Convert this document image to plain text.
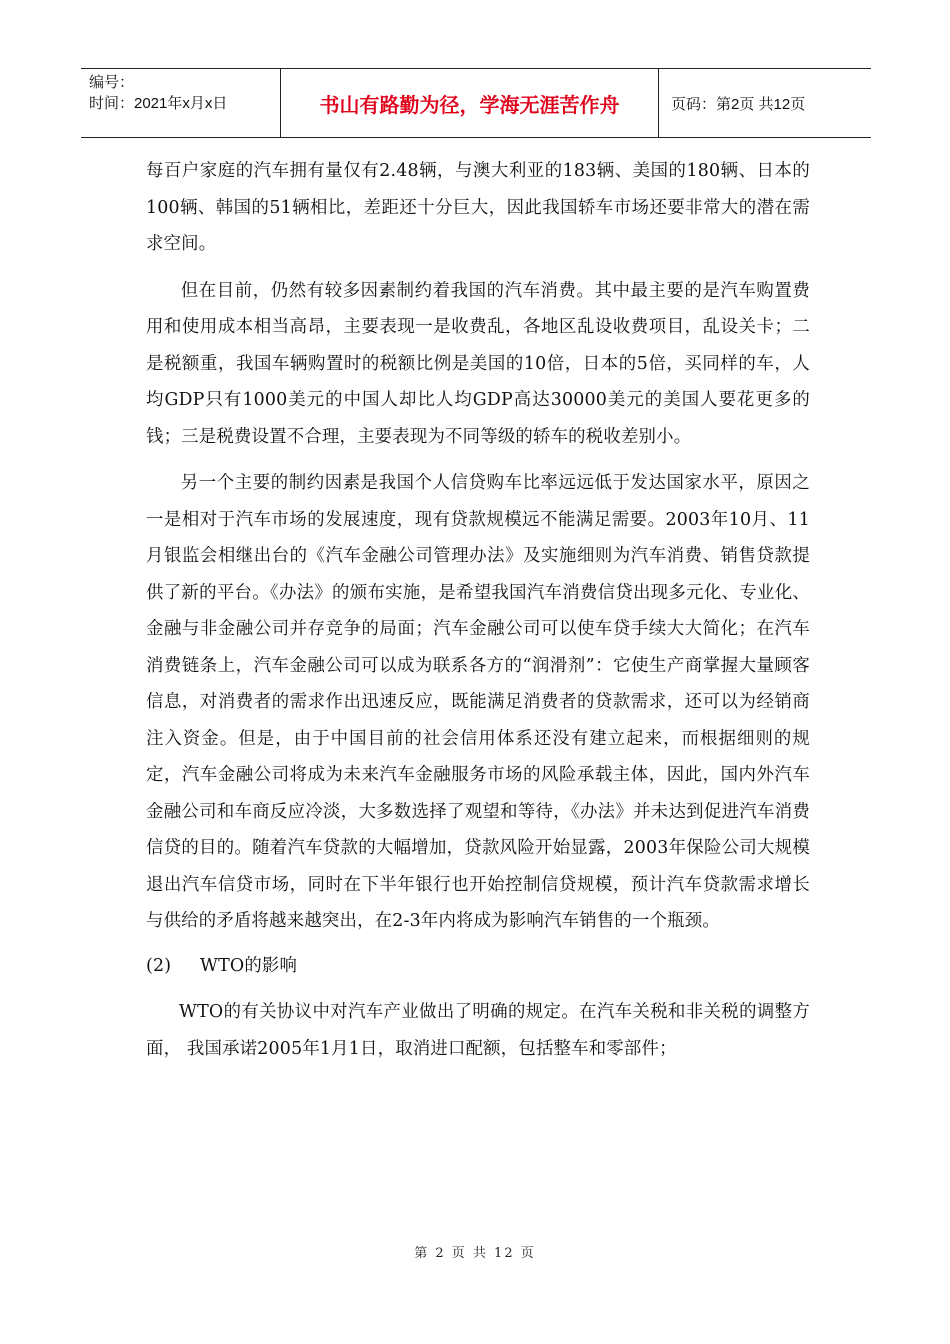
编号：
时间：2021年x月x日	书山有路勤为径，学海无涯苦作舟	页码：第2页 共12页

每百户家庭的汽车拥有量仅有2.48辆，与澳大利亚的183辆、美国的180辆、日本的100辆、韩国的51辆相比，差距还十分巨大，因此我国轿车市场还要非常大的潜在需求空间。

但在目前，仍然有较多因素制约着我国的汽车消费。其中最主要的是汽车购置费用和使用成本相当高昂，主要表现一是收费乱，各地区乱设收费项目，乱设关卡；二是税额重，我国车辆购置时的税额比例是美国的10倍，日本的5倍，买同样的车，人均GDP只有1000美元的中国人却比人均GDP高达30000美元的美国人要花更多的钱；三是税费设置不合理，主要表现为不同等级的轿车的税收差别小。

另一个主要的制约因素是我国个人信贷购车比率远远低于发达国家水平，原因之一是相对于汽车市场的发展速度，现有贷款规模远不能满足需要。2003年10月、11月银监会相继出台的《汽车金融公司管理办法》及实施细则为汽车消费、销售贷款提供了新的平台。《办法》的颁布实施，是希望我国汽车消费信贷出现多元化、专业化、金融与非金融公司并存竞争的局面；汽车金融公司可以使车贷手续大大简化；在汽车消费链条上，汽车金融公司可以成为联系各方的“润滑剂”：它使生产商掌握大量顾客信息，对消费者的需求作出迅速反应，既能满足消费者的贷款需求，还可以为经销商注入资金。但是，由于中国目前的社会信用体系还没有建立起来，而根据细则的规定，汽车金融公司将成为未来汽车金融服务市场的风险承载主体，因此，国内外汽车金融公司和车商反应冷淡，大多数选择了观望和等待，《办法》并未达到促进汽车消费信贷的目的。随着汽车贷款的大幅增加，贷款风险开始显露，2003年保险公司大规模退出汽车信贷市场，同时在下半年银行也开始控制信贷规模，预计汽车贷款需求增长与供给的矛盾将越来越突出，在2-3年内将成为影响汽车销售的一个瓶颈。

(2)	WTO的影响

WTO的有关协议中对汽车产业做出了明确的规定。在汽车关税和非关税的调整方面， 我国承诺2005年1月1日，取消进口配额，包括整车和零部件；

第 2 页 共 12 页
